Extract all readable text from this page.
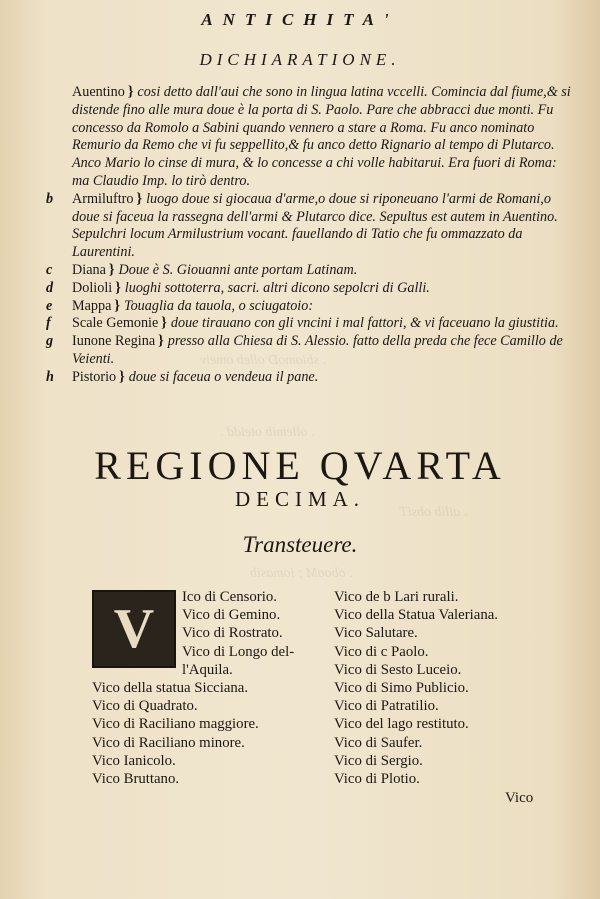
ANTICHITA'
DICHIARATIONE.

Auentino } cosi detto dall'aui che sono in lingua latina vccelli. Comincia dal fiume,& si distende fino alle mura doue è la porta di S. Paolo. Pare che abbracci due monti. Fu concesso da Romolo a Sabini quando vennero a stare a Roma. Fu anco nominato Remurio da Remo che vi fu seppellito,& fu anco detto Rignario al tempo di Plutarco. Anco Mario lo cinse di mura, & lo concesse a chi volle habitarui. Era fuori di Roma: ma Claudio Imp. lo tirò dentro.

b Armiluftro } luogo doue si giocaua d'arme,o doue si riponeuano l'armi de Romani,o doue si faceua la rassegna dell'armi & Plutarco dice. Sepultus est autem in Auentino. Sepulchri locum Armilustrium vocant. fauellando di Tatio che fu ommazzato da Laurentini.

c Diana } Doue è S. Giouanni ante portam Latinam.

d Dolioli } luoghi sottoterra, sacri. altri dicono sepolcri di Galli.

e Mappa } Touaglia da tauola, o sciugatoio:

f Scale Gemonie } doue tirauano con gli vncini i mal fattori, & vi faceuano la giustitia.

g Iunone Regina } presso alla Chiesa di S. Alessio. fatto della preda che fece Camillo de Veienti.

h Pistorio } doue si faceua o vendeua il pane.

. sbiomoD olleb omeiv
. ollemib oteidd .
. ailib obsiT
. obooM ; iomasib
REGIONE QVARTA
DECIMA.
Transteuere.
V
Ico di Censorio.
Vico di Gemino.
Vico di Rostrato.
Vico di Longo del-
l'Aquila.
Vico della statua Sicciana.
Vico di Quadrato.
Vico di Raciliano maggiore.
Vico di Raciliano minore.
Vico Ianicolo.
Vico Bruttano.
Vico de b Lari rurali.
Vico della Statua Valeriana.
Vico Salutare.
Vico di c Paolo.
Vico di Sesto Luceio.
Vico di Simo Publicio.
Vico di Patratilio.
Vico del lago restituto.
Vico di Saufer.
Vico di Sergio.
Vico di Plotio.
Vico
